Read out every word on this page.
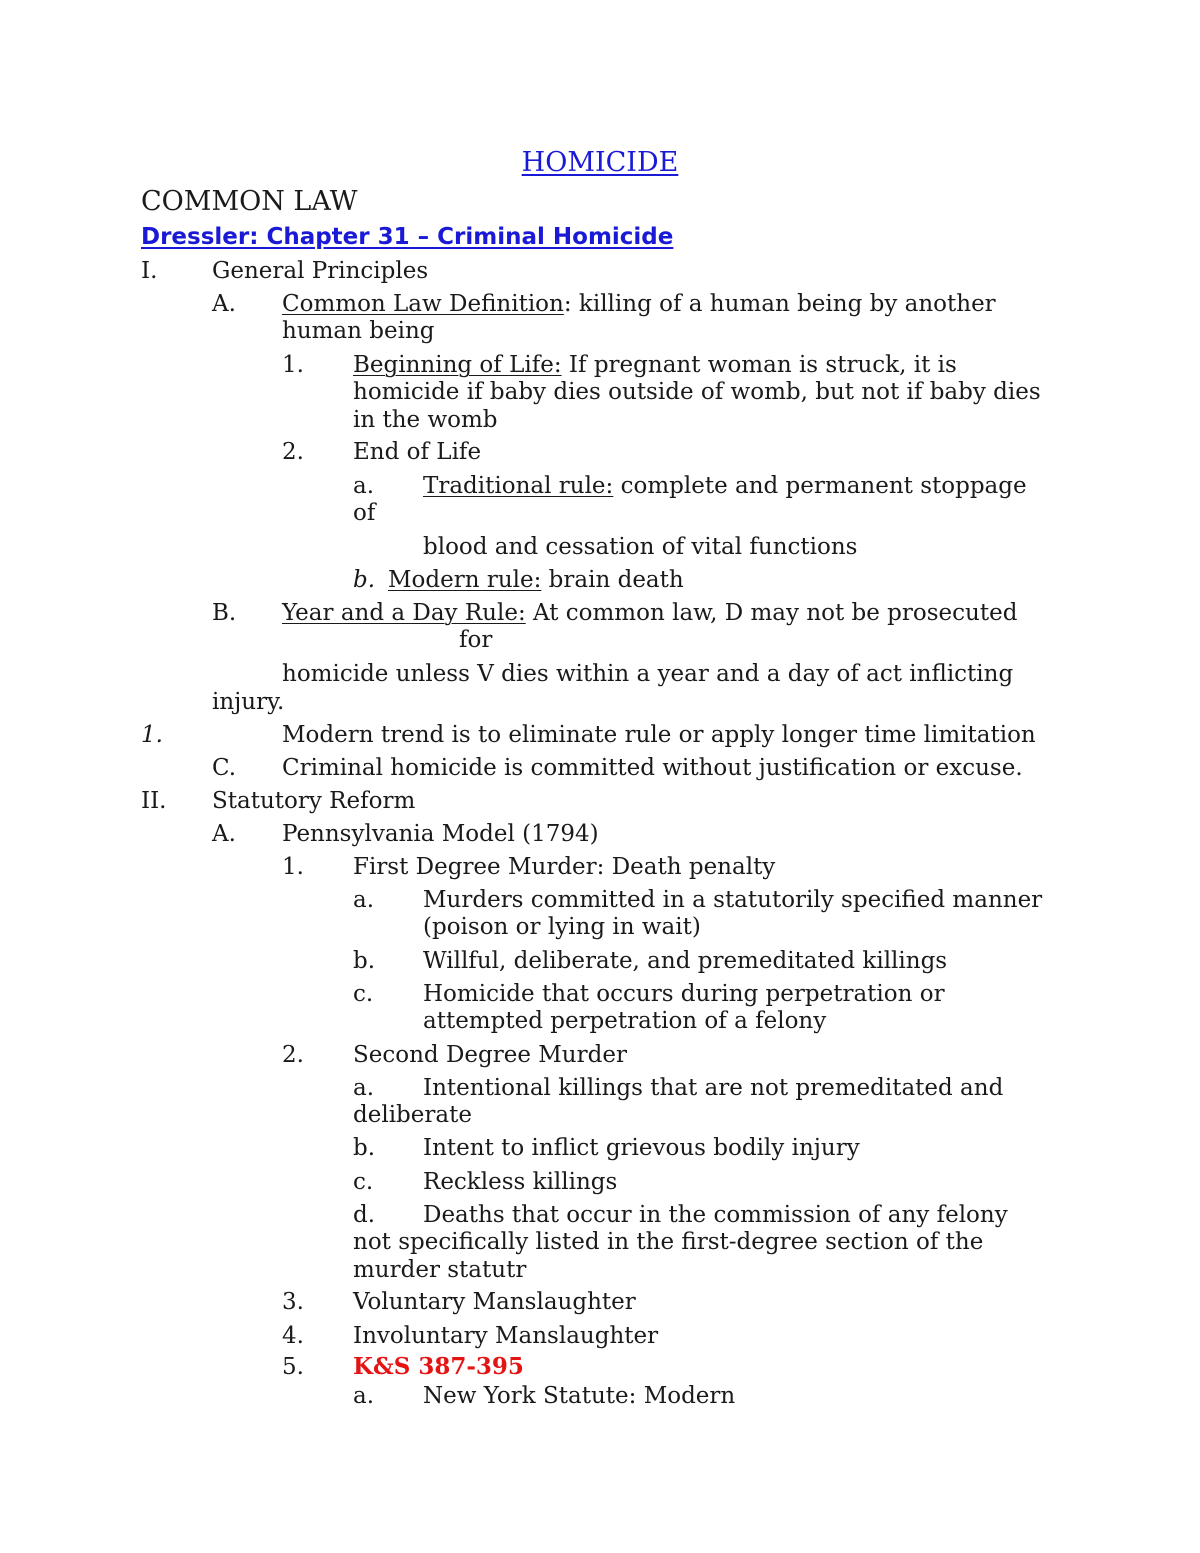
HOMICIDE
COMMON LAW
Dressler: Chapter 31 – Criminal Homicide
I. General Principles
A. Common Law Definition: killing of a human being by another
human being
1. Beginning of Life: If pregnant woman is struck, it is
homicide if baby dies outside of womb, but not if baby dies
in the womb
2. End of Life
a. Traditional rule: complete and permanent stoppage
of
blood and cessation of vital functions
b. Modern rule: brain death
B. Year and a Day Rule: At common law, D may not be prosecuted
for
homicide unless V dies within a year and a day of act inflicting
injury.
1.	Modern trend is to eliminate rule or apply longer time limitation
C. Criminal homicide is committed without justification or excuse.
II. Statutory Reform
A. Pennsylvania Model (1794)
1. First Degree Murder: Death penalty
a. Murders committed in a statutorily specified manner
(poison or lying in wait)
b. Willful, deliberate, and premeditated killings
c. Homicide that occurs during perpetration or
attempted perpetration of a felony
2. Second Degree Murder
a. Intentional killings that are not premeditated and
deliberate
b. Intent to inflict grievous bodily injury
c. Reckless killings
d. Deaths that occur in the commission of any felony
not specifically listed in the first-degree section of the
murder statutr
3. Voluntary Manslaughter
4. Involuntary Manslaughter
5. K&S 387-395
a. New York Statute: Modern
